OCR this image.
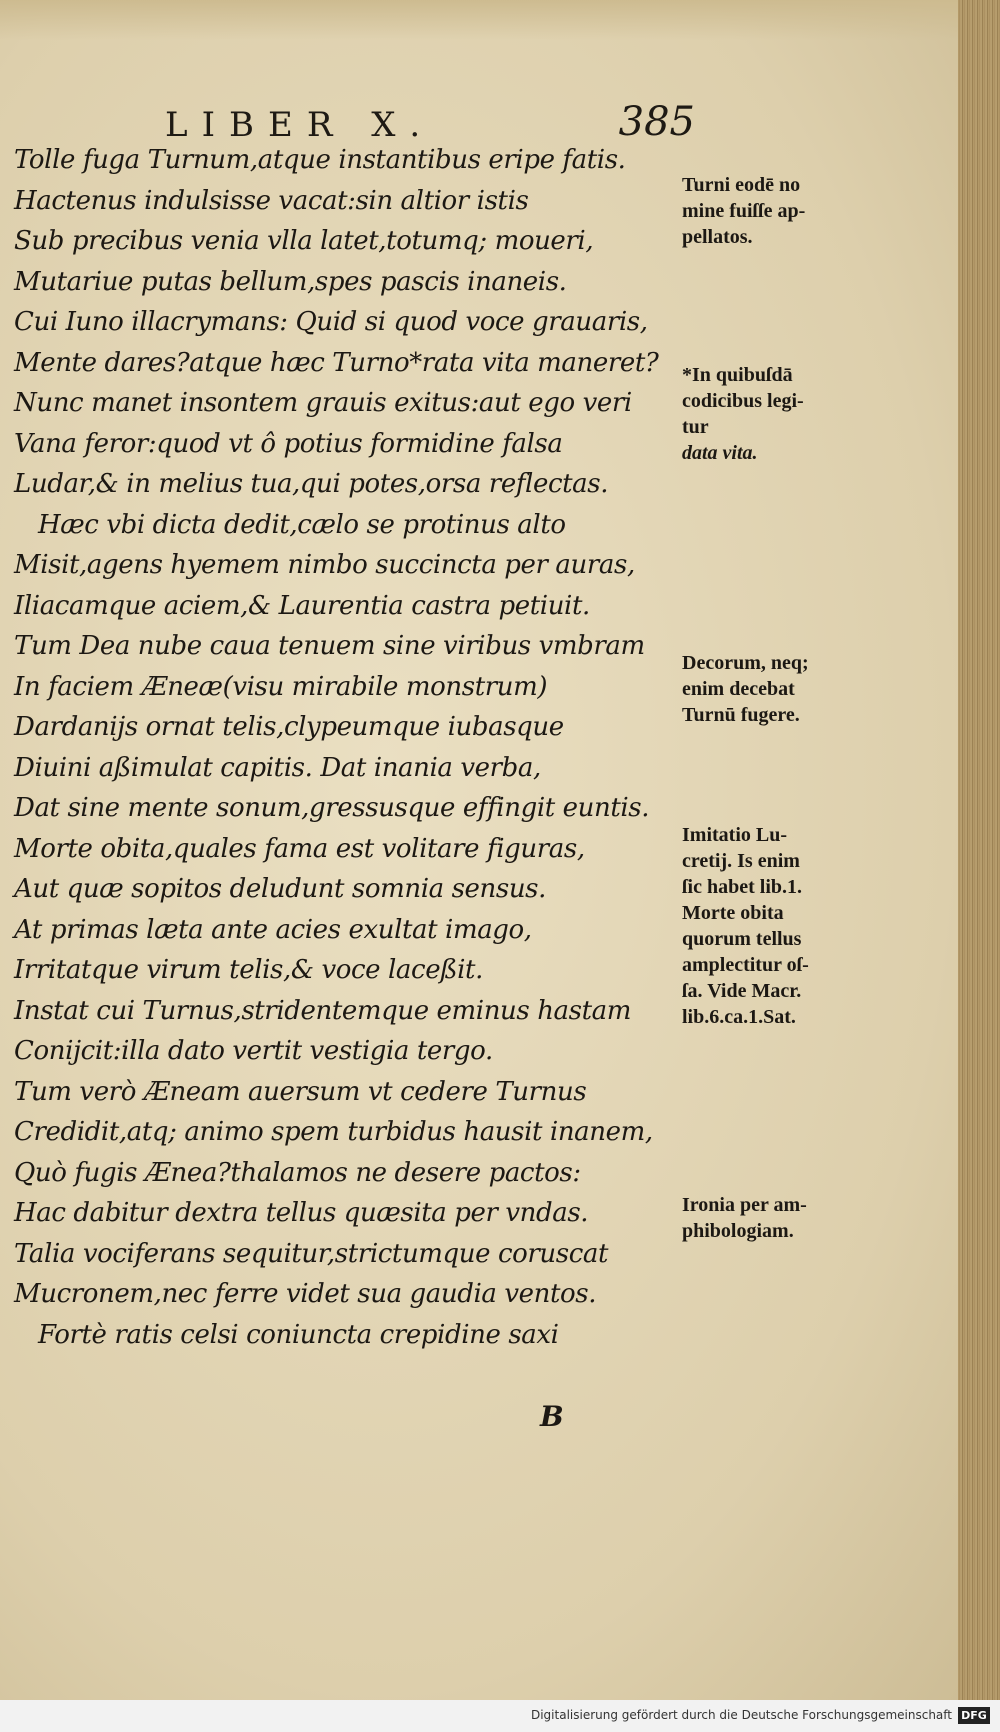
LIBER X.	385
Tolle fuga Turnum,atque instantibus eripe fatis.
Hactenus indulsisse vacat:sin altior istis
Sub precibus venia vlla latet,totumq; moueri,
Mutariue putas bellum,spes pascis inaneis.
Cui Iuno illacrymans: Quid si quod voce grauaris,
Mente dares?atque hæc Turno*rata vita maneret?
Nunc manet insontem grauis exitus:aut ego veri
Vana feror:quod vt ô potius formidine falsa
Ludar,& in melius tua,qui potes,orsa reflectas.
Hæc vbi dicta dedit,cælo se protinus alto
Misit,agens hyemem nimbo succincta per auras,
Iliacamque aciem,& Laurentia castra petiuit.
Tum Dea nube caua tenuem sine viribus vmbram
In faciem Æneæ(visu mirabile monstrum)
Dardanijs ornat telis,clypeumque iubasque
Diuini aßimulat capitis. Dat inania verba,
Dat sine mente sonum,gressusque effingit euntis.
Morte obita,quales fama est volitare figuras,
Aut quæ sopitos deludunt somnia sensus.
At primas læta ante acies exultat imago,
Irritatque virum telis,& voce laceßit.
Instat cui Turnus,stridentemque eminus hastam
Conijcit:illa dato vertit vestigia tergo.
Tum verò Æneam auersum vt cedere Turnus
Credidit,atq; animo spem turbidus hausit inanem,
Quò fugis Ænea?thalamos ne desere pactos:
Hac dabitur dextra tellus quæsita per vndas.
Talia vociferans sequitur,strictumque coruscat
Mucronem,nec ferre videt sua gaudia ventos.
Fortè ratis celsi coniuncta crepidine saxi
Turni eodē no
mine fuiſſe ap-
pellatos.
*In quibuſdā
codicibus legi-
tur
data vita.
Decorum, neq;
enim decebat
Turnū fugere.
Imitatio Lu-
cretij. Is enim
ſic habet lib.1.
Morte obita
quorum tellus
amplectitur oſ-
ſa. Vide Macr.
lib.6.ca.1.Sat.
Ironia per am-
phibologiam.
B
Digitalisierung gefördert durch die Deutsche Forschungsgemeinschaft DFG
